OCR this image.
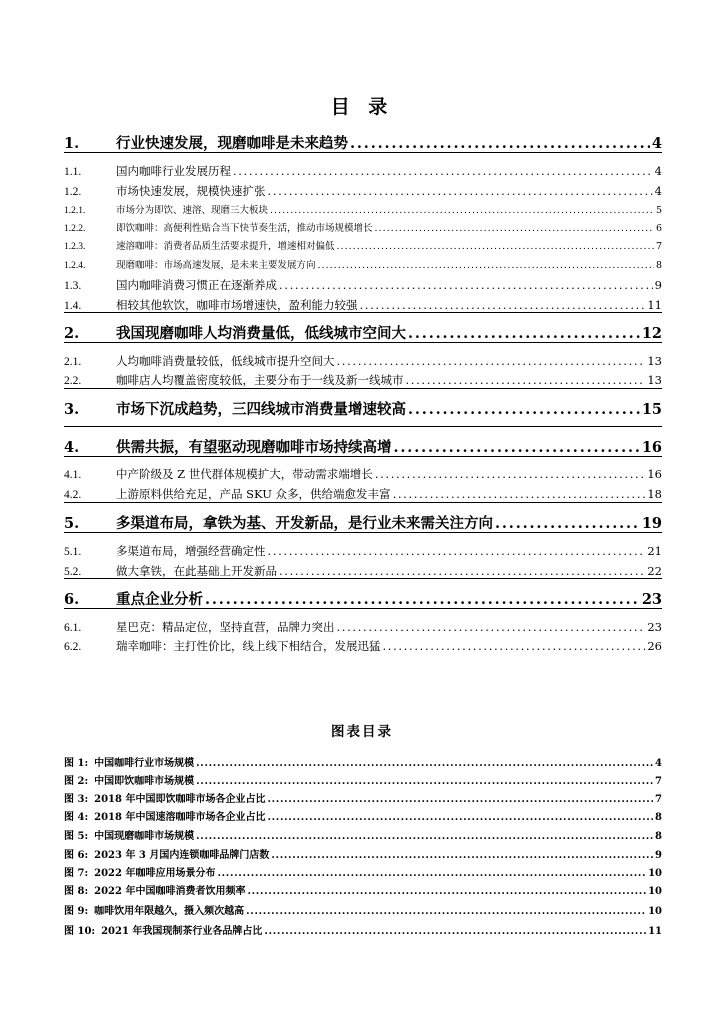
目 录
1.	行业快速发展，现磨咖啡是未来趋势 . . .	4
1.1.	国内咖啡行业发展历程 . . .	4
1.2.	市场快速发展，规模快速扩张 . . .	4
1.2.1.	市场分为即饮、速溶、现磨三大板块 . . .	5
1.2.2.	即饮咖啡：高便利性贴合当下快节奏生活，推动市场规模增长 . . .	6
1.2.3.	速溶咖啡：消费者品质生活要求提升，增速相对偏低 . . .	7
1.2.4.	现磨咖啡：市场高速发展，是未来主要发展方向 . . .	8
1.3.	国内咖啡消费习惯正在逐渐养成 . . .	9
1.4.	相较其他软饮，咖啡市场增速快，盈利能力较强 . . .	11
2.	我国现磨咖啡人均消费量低，低线城市空间大 . . .	12
2.1.	人均咖啡消费量较低，低线城市提升空间大 . . .	13
2.2.	咖啡店人均覆盖密度较低，主要分布于一线及新一线城市 . . .	13
3.	市场下沉成趋势，三四线城市消费量增速较高 . . .	15
4.	供需共振，有望驱动现磨咖啡市场持续高增 . . .	16
4.1.	中产阶级及 Z 世代群体规模扩大，带动需求端增长 . . .	16
4.2.	上游原料供给充足，产品 SKU 众多，供给端愈发丰富 . . .	18
5.	多渠道布局，拿铁为基、开发新品，是行业未来需关注方向 . . .	19
5.1.	多渠道布局，增强经营确定性 . . .	21
5.2.	做大拿铁，在此基础上开发新品 . . .	22
6.	重点企业分析 . . .	23
6.1.	星巴克：精品定位，坚持直营，品牌力突出 . . .	23
6.2.	瑞幸咖啡：主打性价比，线上线下相结合，发展迅猛 . . .	26
图表目录
图 1: 中国咖啡行业市场规模 . . .	4
图 2: 中国即饮咖啡市场规模 . . .	7
图 3: 2018 年中国即饮咖啡市场各企业占比 . . .	7
图 4: 2018 年中国速溶咖啡市场各企业占比 . . .	8
图 5: 中国现磨咖啡市场规模 . . .	8
图 6: 2023 年 3 月国内连锁咖啡品牌门店数 . . .	9
图 7: 2022 年咖啡应用场景分布 . . .	10
图 8: 2022 年中国咖啡消费者饮用频率 . . .	10
图 9: 咖啡饮用年限越久，摄入频次越高 . . .	10
图 10: 2021 年我国现制茶行业各品牌占比 . . .	11
